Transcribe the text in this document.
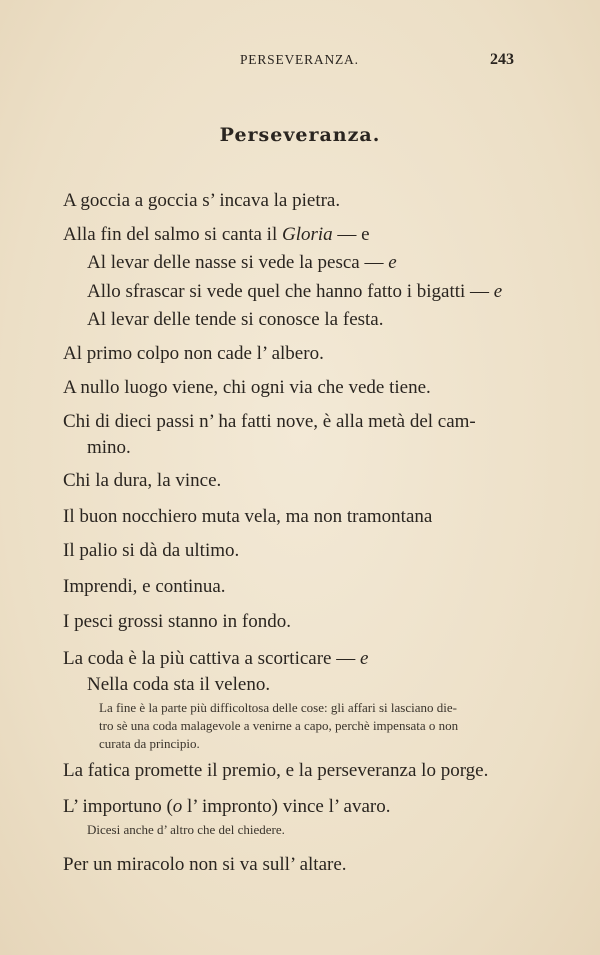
PERSEVERANZA.	243
Perseveranza.
A goccia a goccia s’ incava la pietra.
Alla fin del salmo si canta il Gloria — e
Al levar delle nasse si vede la pesca — e
Allo sfrascar si vede quel che hanno fatto i bigatti — e
Al levar delle tende si conosce la festa.
Al primo colpo non cade l’ albero.
A nullo luogo viene, chi ogni via che vede tiene.
Chi di dieci passi n’ ha fatti nove, è alla metà del cam-
mino.
Chi la dura, la vince.
Il buon nocchiero muta vela, ma non tramontana
Il palio si dà da ultimo.
Imprendi, e continua.
I pesci grossi stanno in fondo.
La coda è la più cattiva a scorticare — e
Nella coda sta il veleno.
La fine è la parte più difficoltosa delle cose: gli affari si lasciano die-
tro sè una coda malagevole a venirne a capo, perchè impensata o non
curata da principio.
La fatica promette il premio, e la perseveranza lo porge.
L’ importuno (o l’ impronto) vince l’ avaro.
Dicesi anche d’ altro che del chiedere.
Per un miracolo non si va sull’ altare.
